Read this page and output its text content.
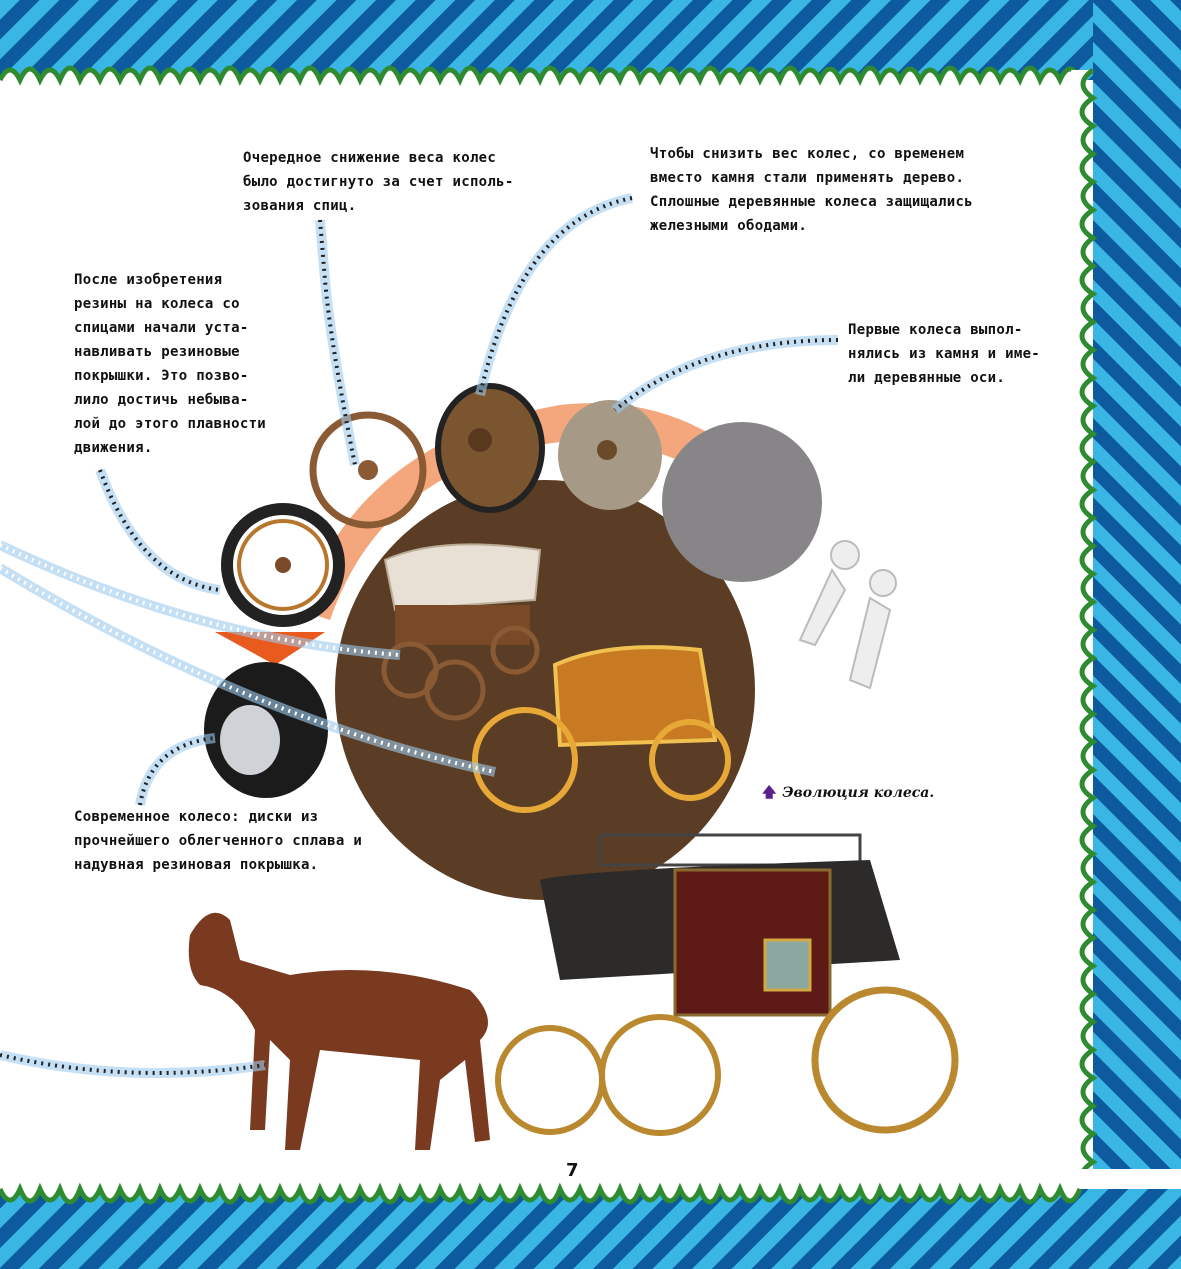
Очередное снижение веса колес
было достигнуто за счет исполь-
зования спиц.
Чтобы снизить вес колес, со временем
вместо камня стали применять дерево.
Сплошные деревянные колеса защищались
железными ободами.
После изобретения
резины на колеса со
спицами начали уста-
навливать резиновые
покрышки. Это позво-
лило достичь небыва-
лой до этого плавности
движения.
Первые колеса выпол-
нялись из камня и име-
ли деревянные оси.
Современное колесо: диски из
прочнейшего облегченного сплава и
надувная резиновая покрышка.
🡅 Эволюция колеса.
7
